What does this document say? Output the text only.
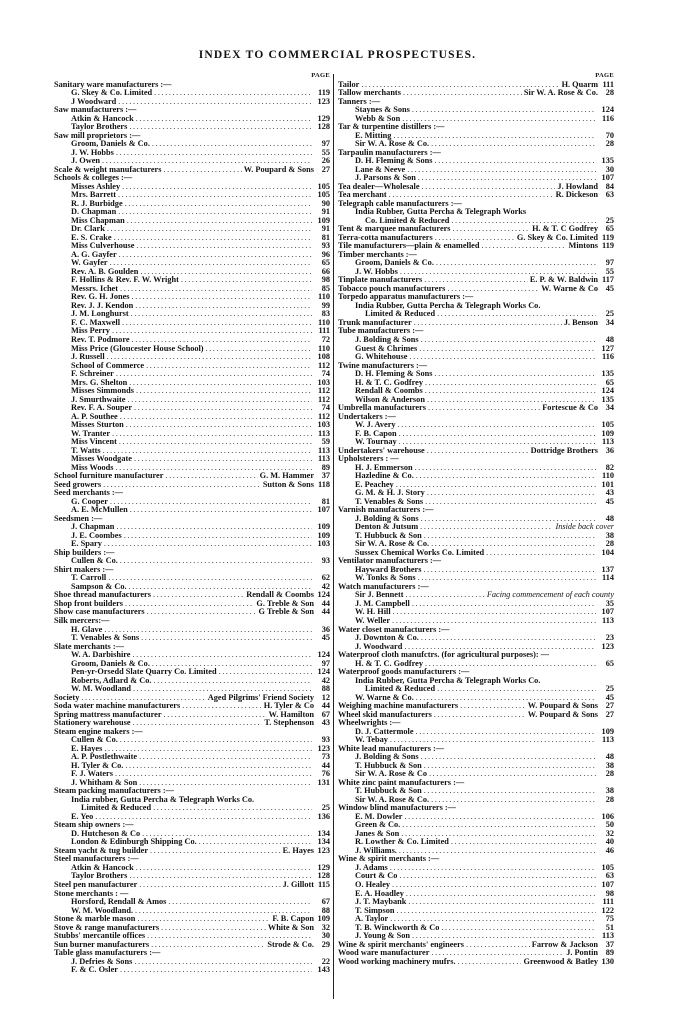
INDEX TO COMMERCIAL PROSPECTUSES.
PAGE
Sanitary ware manufacturers :—
G. Skey & Co. Limited .....	119
J Woodward .....	123
Saw manufacturers :—
Atkin & Hancock .....	129
Taylor Brothers .....	128
Saw mill proprietors :—
Groom, Daniels & Co. .....	97
J. W. Hobbs .....	55
J. Owen .....	26
Scale & weight manufacturers .....	W. Poupard & Sons 27
Schools & colleges :—
Misses Ashley .....	105
Mrs. Barrett .....	105
R. J. Burbidge .....	90
D. Chapman .....	91
Miss Chapman .....	109
Dr. Clark .....	91
E. S. Crake .....	81
Miss Culverhouse .....	93
A. G. Gayfer .....	96
W. Gayfer .....	65
Rev. A. B. Goulden .....	66
F. Hollins & Rev. F. W. Wright .....	98
Messrs. Ichet .....	85
Rev. G. H. Jones .....	110
Rev. J. J. Kendon .....	99
J. M. Longhurst .....	83
F. C. Maxwell .....	110
Miss Perry .....	111
Rev. T. Podmore .....	72
Miss Price (Gloucester House School) .....	110
J. Russell .....	108
School of Commerce .....	112
F. Schreiner .....	74
Mrs. G. Shelton .....	103
Misses Simmonds .....	112
J. Smurthwaite .....	112
Rev. F. A. Souper .....	74
A. P. Southee .....	112
Misses Sturton .....	103
W. Tranter .....	113
Miss Vincent .....	59
T. Watts .....	113
Misses Woodgate .....	113
Miss Woods .....	89
School furniture manufacturer .....	G. M. Hammer 37
Seed growers .....	Sutton & Sons 118
Seed merchants :—
G. Cooper .....	81
A. E. McMullen .....	107
Seedsmen :—
J. Chapman .....	109
J. E. Coombes .....	109
E. Spary .....	103
Ship builders :—
Cullen & Co. .....	93
Shirt makers :—
T. Carroll .....	62
Sampson & Co. .....	42
Shoe thread manufacturers .....	Rendall & Coombs 124
Shop front builders .....	G. Treble & Son 44
Show case manufacturers .....	G Treble & Son 44
Silk mercers:—
H. Glave .....	36
T. Venables & Sons .....	45
Slate merchants :—
W. A. Darbishire .....	124
Groom, Daniels & Co. .....	97
Pen-yr-Orsedd Slate Quarry Co. Limited .....	124
Roberts, Adlard & Co. .....	42
W. M. Woodland .....	88
Society .....	Aged Pilgrims' Friend Society 12
Soda water machine manufacturers .....	H. Tyler & Co 44
Spring mattress manufacturer .....	W. Hamilton 67
Stationery warehouse .....	T. Stephenson 43
Steam engine makers :—
Cullen & Co. .....	93
E. Hayes .....	123
A. P. Postlethwaite .....	73
H. Tyler & Co. .....	44
F. J. Waters .....	76
J. Whitham & Son .....	131
Steam packing manufacturers :—
India rubber, Gutta Percha & Telegraph Works Co.
Limited & Reduced .....	25
E. Yeo .....	136
Steam ship owners :—
D. Hutcheson & Co .....	134
London & Edinburgh Shipping Co. .....	134
Steam yacht & tug builder .....	E. Hayes 123
Steel manufacturers :—
Atkin & Hancock .....	129
Taylor Brothers .....	128
Steel pen manufacturer .....	J. Gillott 115
Stone merchants : —
Horsford, Rendall & Amos .....	67
W. M. Woodland. .....	88
Stone & marble mason .....	F. B. Capon 109
Stove & range manufacturers .....	White & Son 32
Stubbs' mercantile offices .....	30
Sun burner manufacturers .....	Strode & Co. 29
Table glass manufacturers :—
J. Defries & Sons .....	22
F. & C. Osler .....	143
PAGE
Tailor .....	H. Quarm 111
Tallow merchants .....	Sir W. A. Rose & Co. 28
Tanners :—
Staynes & Sons .....	124
Webb & Son .....	116
Tar & turpentine distillers :—
E. Mitting .....	70
Sir W. A. Rose & Co. .....	28
Tarpaulin manufacturers :—
D. H. Fleming & Sons .....	135
Lane & Neeve .....	30
J. Parsons & Son .....	107
Tea dealer—Wholesale .....	J. Howland 84
Tea merchant .....	R. Dickeson 63
Telegraph cable manufacturers :—
India Rubber, Gutta Percha & Telegraph Works
Co. Limited & Reduced .....	25
Tent & marquee manufacturers .....	H. & T. C Godfrey 65
Terra-cotta manufacturers .....	G. Skey & Co. Limited 119
Tile manufacturers—plain & enamelled .....	Mintons 119
Timber merchants :—
Groom, Daniels & Co. .....	97
J. W. Hobbs .....	55
Tinplate manufacturers .....	E. P. & W. Baldwin 117
Tobacco pouch manufacturers .....	W. Warne & Co 45
Torpedo apparatus manufacturers :—
India Rubber, Gutta Percha & Telegraph Works Co.
Limited & Reduced .....	25
Trunk manufacturer .....	J. Benson 34
Tube manufacturers :—
J. Bolding & Sons .....	48
Guest & Chrimes .....	127
G. Whitehouse .....	116
Twine manufacturers :—
D. H. Fleming & Sons .....	135
H. & T. C. Godfrey .....	65
Rendall & Coombs .....	124
Wilson & Anderson .....	135
Umbrella manufacturers .....	Fortescue & Co 34
Undertakers :—
W. J. Avery .....	105
F. B. Capon .....	109
W. Tournay .....	113
Undertakers' warehouse .....	Dottridge Brothers 36
Upholsterers : —
H. J. Emmerson .....	82
Hazledine & Co. .....	110
E. Peachey .....	101
G. M. & H. J. Story .....	43
T. Venables & Sons .....	45
Varnish manufacturers :—
J. Bolding & Sons .....	48
Denton & Jutsum .....	Inside back cover
T. Hubbuck & Son .....	38
Sir W. A. Rose & Co. .....	28
Sussex Chemical Works Co. Limited .....	104
Ventilator manufacturers :—
Hayward Brothers .....	137
W. Tonks & Sons .....	114
Watch manufacturers :—
Sir J. Bennett .....	Facing commencement of each county
J. M. Campbell .....	35
W. H. Hill .....	107
W. Weller .....	113
Water closet manufacturers :—
J. Downton & Co. .....	23
J. Woodward .....	123
Waterproof cloth manufctrs. (for agricultural purposes): —
H. & T. C. Godfrey .....	65
Waterproof goods manufacturers :—
India Rubber, Gutta Percha & Telegraph Works Co.
Limited & Reduced .....	25
W. Warne & Co. .....	45
Weighing machine manufacturers .....	W. Poupard & Sons 27
Wheel skid manufacturers .....	W. Poupard & Sons 27
Wheelwrights :—
D. J. Cattermole .....	109
W. Tebay .....	113
White lead manufacturers :—
J. Bolding & Sons .....	48
T. Hubbuck & Son .....	38
Sir W. A. Rose & Co .....	28
White zinc paint manufacturers :—
T. Hubbuck & Son .....	38
Sir W. A. Rose & Co. .....	28
Window blind manufacturers :—
E. M. Dowler .....	106
Green & Co. .....	50
Janes & Son .....	32
R. Lowther & Co. Limited .....	40
J. Williams. .....	46
Wine & spirit merchants :—
J. Adams .....	105
Court & Co .....	63
O. Healey .....	107
E. A. Hoadley .....	98
J. T. Maybank .....	111
T. Simpson .....	122
A. Taylor .....	75
T. B. Winckworth & Co .....	51
J. Young & Son .....	113
Wine & spirit merchants' engineers .....	Farrow & Jackson 37
Wood ware manufacturer .....	J. Pontin 89
Wood working machinery mufrs. .....	Greenwood & Batley 130
